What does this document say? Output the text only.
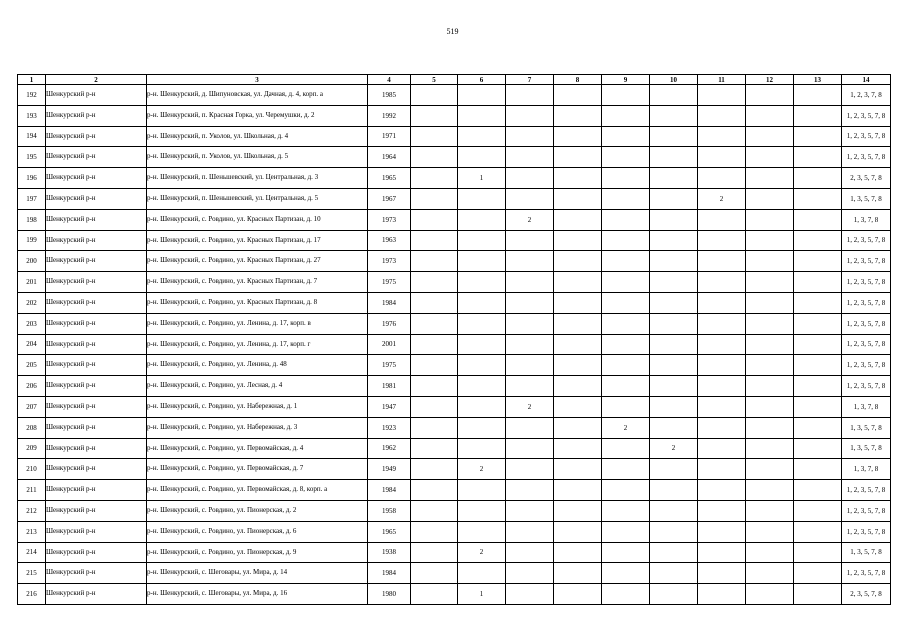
519
1	2	3	4	5	6	7	8	9	10	11	12	13	14
192	Шенкурский р-н	р-н. Шенкурский, д. Шипуновская, ул. Дачная, д. 4, корп. а	1985										1, 2, 3, 7, 8
193	Шенкурский р-н	р-н. Шенкурский, п. Красная Горка, ул. Черемушки, д. 2	1992										1, 2, 3, 5, 7, 8
194	Шенкурский р-н	р-н. Шенкурский, п. Уколов, ул. Школьная, д. 4	1971										1, 2, 3, 5, 7, 8
195	Шенкурский р-н	р-н. Шенкурский, п. Уколов, ул. Школьная, д. 5	1964										1, 2, 3, 5, 7, 8
196	Шенкурский р-н	р-н. Шенкурский, п. Шеньшевский, ул. Центральная, д. 3	1965		1								2, 3, 5, 7, 8
197	Шенкурский р-н	р-н. Шенкурский, п. Шеньшевский, ул. Центральная, д. 5	1967							2			1, 3, 5, 7, 8
198	Шенкурский р-н	р-н. Шенкурский, с. Ровдино, ул. Красных Партизан, д. 10	1973			2							1, 3, 7, 8
199	Шенкурский р-н	р-н. Шенкурский, с. Ровдино, ул. Красных Партизан, д. 17	1963										1, 2, 3, 5, 7, 8
200	Шенкурский р-н	р-н. Шенкурский, с. Ровдино, ул. Красных Партизан, д. 27	1973										1, 2, 3, 5, 7, 8
201	Шенкурский р-н	р-н. Шенкурский, с. Ровдино, ул. Красных Партизан, д. 7	1975										1, 2, 3, 5, 7, 8
202	Шенкурский р-н	р-н. Шенкурский, с. Ровдино, ул. Красных Партизан, д. 8	1984										1, 2, 3, 5, 7, 8
203	Шенкурский р-н	р-н. Шенкурский, с. Ровдино, ул. Ленина, д. 17, корп. в	1976										1, 2, 3, 5, 7, 8
204	Шенкурский р-н	р-н. Шенкурский, с. Ровдино, ул. Ленина, д. 17, корп. г	2001										1, 2, 3, 5, 7, 8
205	Шенкурский р-н	р-н. Шенкурский, с. Ровдино, ул. Ленина, д. 48	1975										1, 2, 3, 5, 7, 8
206	Шенкурский р-н	р-н. Шенкурский, с. Ровдино, ул. Лесная, д. 4	1981										1, 2, 3, 5, 7, 8
207	Шенкурский р-н	р-н. Шенкурский, с. Ровдино, ул. Набережная, д. 1	1947			2							1, 3, 7, 8
208	Шенкурский р-н	р-н. Шенкурский, с. Ровдино, ул. Набережная, д. 3	1923					2					1, 3, 5, 7, 8
209	Шенкурский р-н	р-н. Шенкурский, с. Ровдино, ул. Первомайская, д. 4	1962						2				1, 3, 5, 7, 8
210	Шенкурский р-н	р-н. Шенкурский, с. Ровдино, ул. Первомайская, д. 7	1949		2								1, 3, 7, 8
211	Шенкурский р-н	р-н. Шенкурский, с. Ровдино, ул. Первомайская, д. 8, корп. а	1984										1, 2, 3, 5, 7, 8
212	Шенкурский р-н	р-н. Шенкурский, с. Ровдино, ул. Пионерская, д. 2	1958										1, 2, 3, 5, 7, 8
213	Шенкурский р-н	р-н. Шенкурский, с. Ровдино, ул. Пионерская, д. 6	1965										1, 2, 3, 5, 7, 8
214	Шенкурский р-н	р-н. Шенкурский, с. Ровдино, ул. Пионерская, д. 9	1938		2								1, 3, 5, 7, 8
215	Шенкурский р-н	р-н. Шенкурский, с. Шеговары, ул. Мира, д. 14	1984										1, 2, 3, 5, 7, 8
216	Шенкурский р-н	р-н. Шенкурский, с. Шеговары, ул. Мира, д. 16	1980		1								2, 3, 5, 7, 8
